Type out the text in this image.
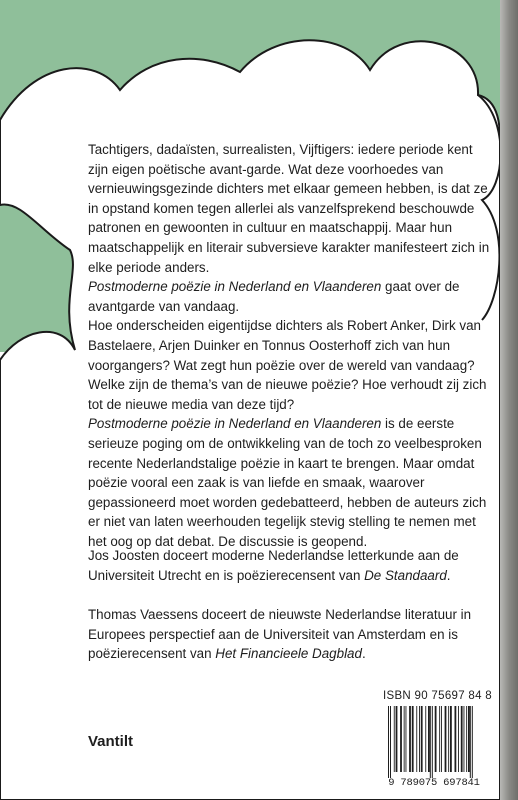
Tachtigers, dadaïsten, surrealisten, Vijftigers: iedere periode kent zijn eigen poëtische avant-garde. Wat deze voorhoedes van vernieuwingsgezinde dichters met elkaar gemeen hebben, is dat ze in opstand komen tegen allerlei als vanzelfsprekend beschouwde patronen en gewoonten in cultuur en maatschappij. Maar hun maatschappelijk en literair subversieve karakter manifesteert zich in elke periode anders.
Postmoderne poëzie in Nederland en Vlaanderen gaat over de avantgarde van vandaag.

Hoe onderscheiden eigentijdse dichters als Robert Anker, Dirk van Bastelaere, Arjen Duinker en Tonnus Oosterhoff zich van hun voorgangers? Wat zegt hun poëzie over de wereld van vandaag? Welke zijn de thema’s van de nieuwe poëzie? Hoe verhoudt zij zich tot de nieuwe media van deze tijd?

Postmoderne poëzie in Nederland en Vlaanderen is de eerste serieuze poging om de ontwikkeling van de toch zo veelbesproken recente Nederlandstalige poëzie in kaart te brengen. Maar omdat poëzie vooral een zaak is van liefde en smaak, waarover gepassioneerd moet worden gedebatteerd, hebben de auteurs zich er niet van laten weerhouden tegelijk stevig stelling te nemen met het oog op dat debat. De discussie is geopend.

Jos Joosten doceert moderne Nederlandse letterkunde aan de Universiteit Utrecht en is poëzierecensent van De Standaard.

Thomas Vaessens doceert de nieuwste Nederlandse literatuur in Europees perspectief aan de Universiteit van Amsterdam en is poëzierecensent van Het Financieele Dagblad.

ISBN 90 75697 84 8
Vantilt
9 789075 697841
